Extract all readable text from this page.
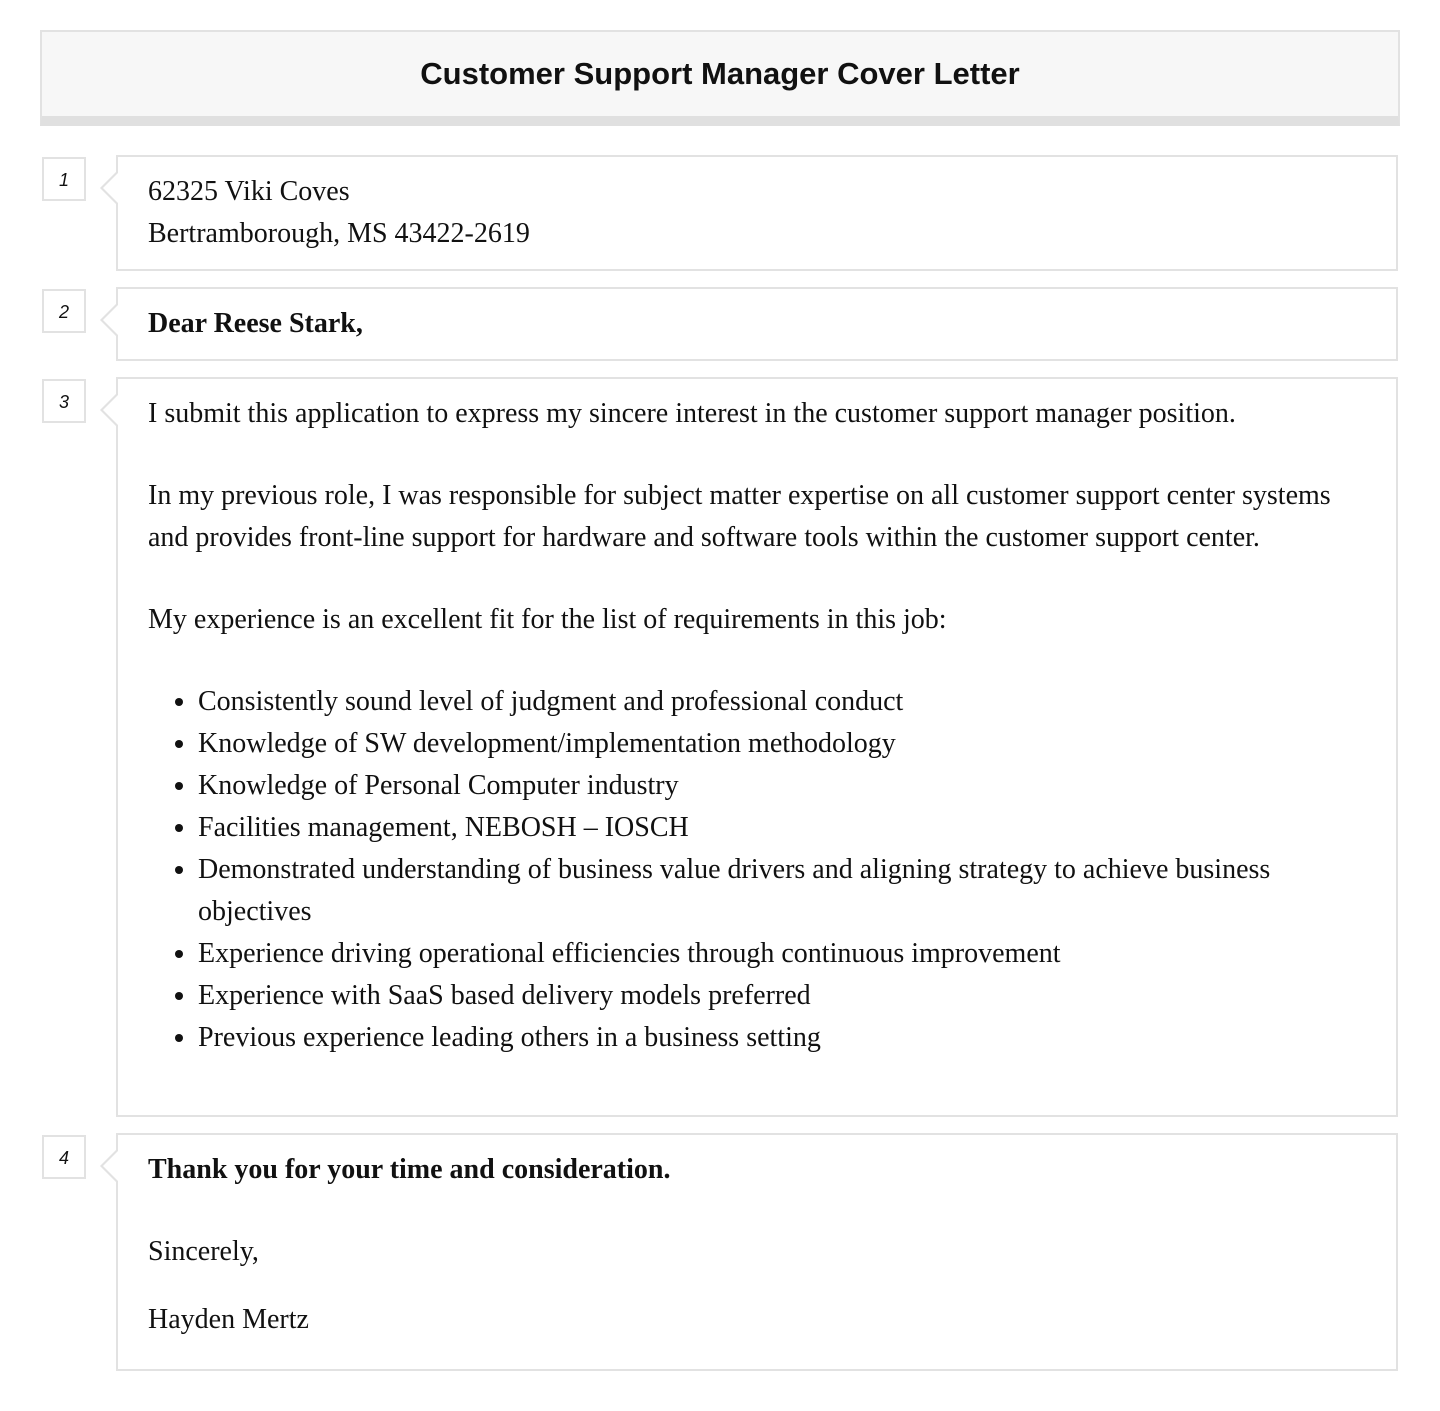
Customer Support Manager Cover Letter
1	62325 Viki Coves

Bertramborough, MS 43422-2619

2	Dear Reese Stark,

3	I submit this application to express my sincere interest in the customer support manager position.

In my previous role, I was responsible for subject matter expertise on all customer support center systems and provides front-line support for hardware and software tools within the customer support center.

My experience is an excellent fit for the list of requirements in this job:

• Consistently sound level of judgment and professional conduct
• Knowledge of SW development/implementation methodology
• Knowledge of Personal Computer industry
• Facilities management, NEBOSH – IOSCH
• Demonstrated understanding of business value drivers and aligning strategy to achieve business objectives
• Experience driving operational efficiencies through continuous improvement
• Experience with SaaS based delivery models preferred
• Previous experience leading others in a business setting
4	Thank you for your time and consideration.

Sincerely,

Hayden Mertz
